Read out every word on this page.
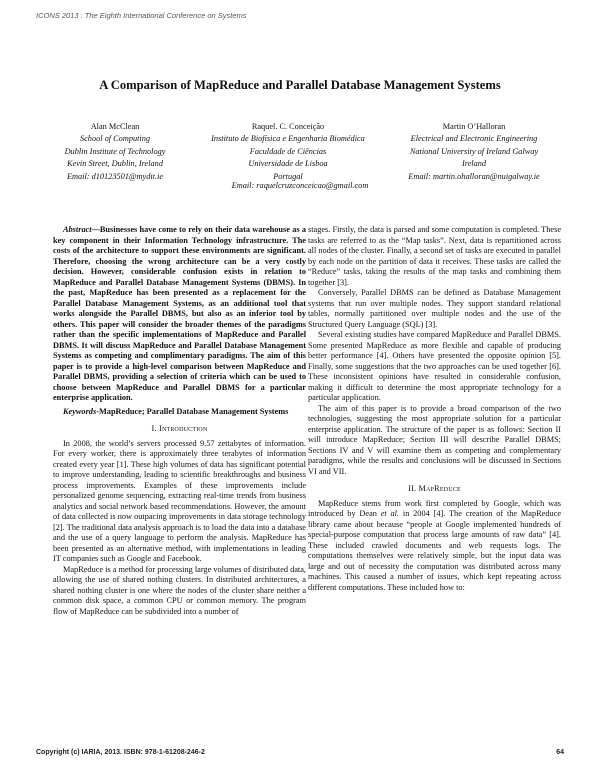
ICONS 2013 : The Eighth International Conference on Systems
A Comparison of MapReduce and Parallel Database Management Systems
Alan McClean
School of Computing
Dublin Institute of Technology
Kevin Street, Dublin, Ireland
Email: d10123501@mydit.ie
Raquel. C. Conceição
Instituto de Biofísica e Engenharia Biomédica
Faculdade de Ciências
Universidade de Lisboa
Portugal
Martin O’Halloran
Electrical and Electronic Engineering
National University of Ireland Galway
Ireland
Email: martin.ohalloran@nuigalway.ie
Email: raquelcruzconceicao@gmail.com

Abstract—Businesses have come to rely on their data warehouse as a key component in their Information Technology infrastructure. The costs of the architecture to support these environments are significant. Therefore, choosing the wrong architecture can be a very costly decision. However, considerable confusion exists in relation to MapReduce and Parallel Database Management Systems (DBMS). In the past, MapReduce has been presented as a replacement for the Parallel Database Management Systems, as an additional tool that works alongside the Parallel DBMS, but also as an inferior tool by others. This paper will consider the broader themes of the paradigms rather than the specific implementations of MapReduce and Parallel DBMS. It will discuss MapReduce and Parallel Database Management Systems as competing and complimentary paradigms. The aim of this paper is to provide a high-level comparison between MapReduce and Parallel DBMS, providing a selection of criteria which can be used to choose between MapReduce and Parallel DBMS for a particular enterprise application.

Keywords-MapReduce; Parallel Database Management Systems

I. Introduction

In 2008, the world’s servers processed 9.57 zettabytes of information. For every worker, there is approximately three terabytes of information created every year [1]. These high volumes of data has significant potential to improve understanding, leading to scientific breakthroughs and business process improvements. Examples of these improvements include personalized genome sequencing, extracting real-time trends from business analytics and social network based recommendations. However, the amount of data collected is now outpacing improvements in data storage technology [2]. The traditional data analysis approach is to load the data into a database and the use of a query language to perform the analysis. MapReduce has been presented as an alternative method, with implementations in leading IT companies such as Google and Facebook.

MapReduce is a method for processing large volumes of distributed data, allowing the use of shared nothing clusters. In distributed architectures, a shared nothing cluster is one where the nodes of the cluster share neither a common disk space, a common CPU or common memory. The program flow of MapReduce can be subdivided into a number of

stages. Firstly, the data is parsed and some computation is completed. These tasks are referred to as the “Map tasks”. Next, data is repartitioned across all nodes of the cluster. Finally, a second set of tasks are executed in parallel by each node on the partition of data it receives. These tasks are called the “Reduce” tasks, taking the results of the map tasks and combining them together [3].

Conversely, Parallel DBMS can be defined as Database Management systems that run over multiple nodes. They support standard relational tables, normally partitioned over multiple nodes and the use of the Structured Query Language (SQL) [3].

Several existing studies have compared MapReduce and Parallel DBMS. Some presented MapReduce as more flexible and capable of producing better performance [4]. Others have presented the opposite opinion [5]. Finally, some suggestions that the two approaches can be used together [6]. These inconsistent opinions have resulted in considerable confusion, making it difficult to determine the most appropriate technology for a particular application.

The aim of this paper is to provide a broad comparison of the two technologies, suggesting the most appropriate solution for a particular enterprise application. The structure of the paper is as follows: Section II will introduce MapReduce; Section III will describe Parallel DBMS; Sections IV and V will examine them as competing and complementary paradigms, while the results and conclusions will be discussed in Sections VI and VII.

II. MapReduce

MapReduce stems from work first completed by Google, which was introduced by Dean et al. in 2004 [4]. The creation of the MapReduce library came about because “people at Google implemented hundreds of special-purpose computation that process large amounts of raw data” [4]. These included crawled documents and web requests logs. The computations themselves were relatively simple, but the input data was large and out of necessity the computation was distributed across many machines. This caused a number of issues, which kept repeating across different computations. These included how to:

Copyright (c) IARIA, 2013. ISBN: 978-1-61208-246-2	64
